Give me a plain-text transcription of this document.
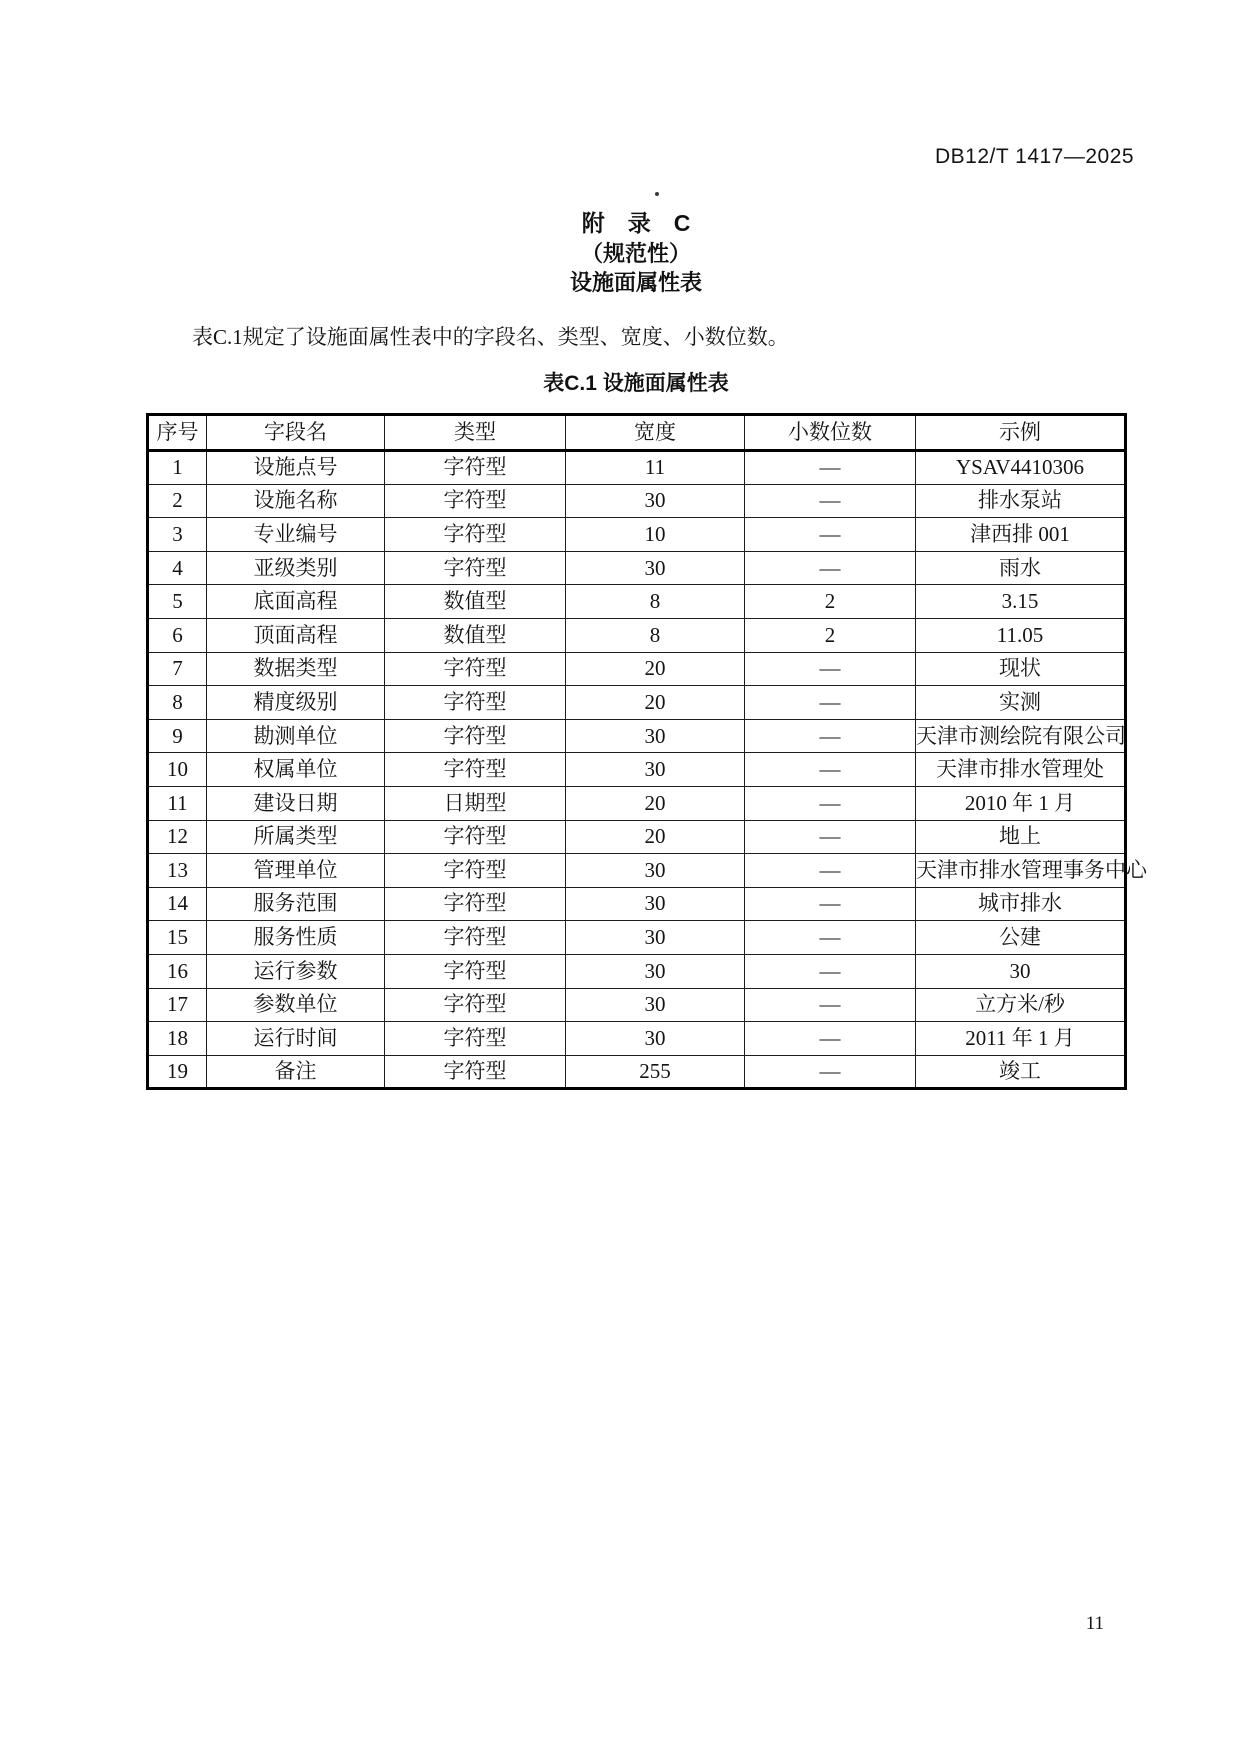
DB12/T 1417—2025
附　录　C
（规范性）
设施面属性表

表C.1规定了设施面属性表中的字段名、类型、宽度、小数位数。

表C.1 设施面属性表
序号	字段名	类型	宽度	小数位数	示例
1	设施点号	字符型	11	—	YSAV4410306
2	设施名称	字符型	30	—	排水泵站
3	专业编号	字符型	10	—	津西排 001
4	亚级类别	字符型	30	—	雨水
5	底面高程	数值型	8	2	3.15
6	顶面高程	数值型	8	2	11.05
7	数据类型	字符型	20	—	现状
8	精度级别	字符型	20	—	实测
9	勘测单位	字符型	30	—	天津市测绘院有限公司
10	权属单位	字符型	30	—	天津市排水管理处
11	建设日期	日期型	20	—	2010 年 1 月
12	所属类型	字符型	20	—	地上
13	管理单位	字符型	30	—	天津市排水管理事务中心
14	服务范围	字符型	30	—	城市排水
15	服务性质	字符型	30	—	公建
16	运行参数	字符型	30	—	30
17	参数单位	字符型	30	—	立方米/秒
18	运行时间	字符型	30	—	2011 年 1 月
19	备注	字符型	255	—	竣工
11
